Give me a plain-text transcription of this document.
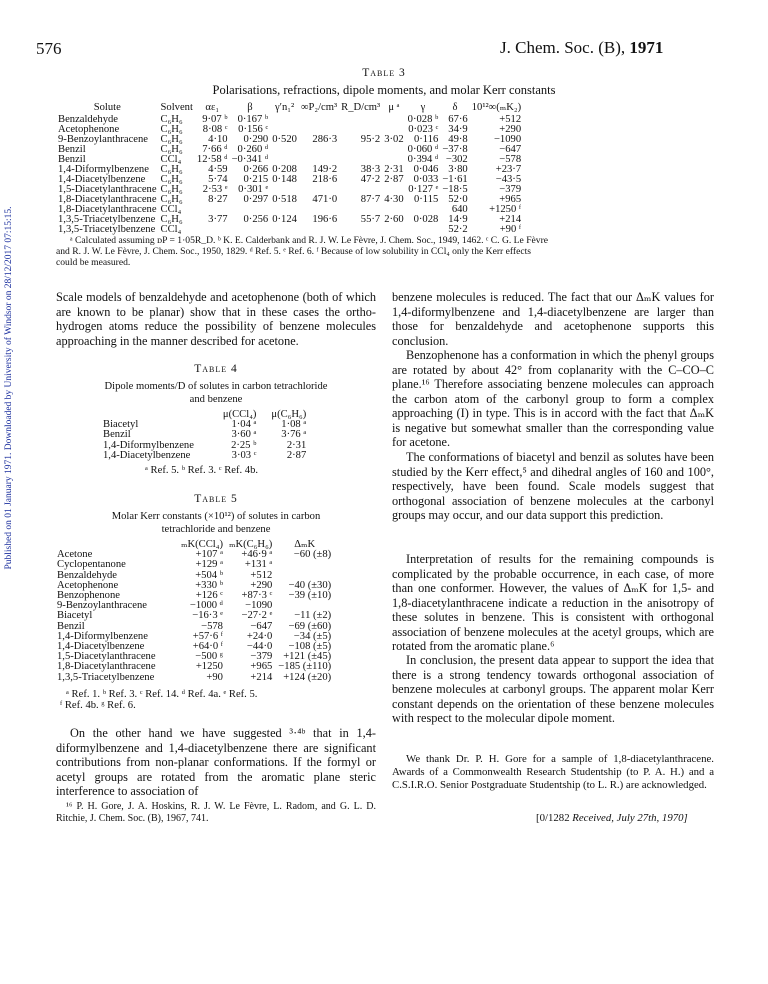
Published on 01 January 1971. Downloaded by University of Windsor on 28/12/2017 07:15:15.
576	J. Chem. Soc. (B), 1971
Table 3
Polarisations, refractions, dipole moments, and molar Kerr constants
Solute	Solvent	αε₁	β	γ′n₁²	∞P₂/cm³	R_D/cm³	μ ᵃ	γ	δ	10¹²∞(ₘK₂)
Benzaldehyde	C₆H₆	9·07 ᵇ	0·167 ᵇ					0·028 ᵇ	67·6	+512
Acetophenone	C₆H₆	8·08 ᶜ	0·156 ᶜ					0·023 ᶜ	34·9	+290
9-Benzoylanthracene	C₆H₆	4·10	0·290	0·520	286·3	95·2	3·02	0·116	49·8	−1090
Benzil	C₆H₆	7·66 ᵈ	0·260 ᵈ					0·060 ᵈ	−37·8	−647
Benzil	CCl₄	12·58 ᵈ	−0·341 ᵈ					0·394 ᵈ	−302	−578
1,4-Diformylbenzene	C₆H₆	4·59	0·266	0·208	149·2	38·3	2·31	0·046	3·80	+23·7
1,4-Diacetylbenzene	C₆H₆	5·74	0·215	0·148	218·6	47·2	2·87	0·033	−1·61	−43·5
1,5-Diacetylanthracene	C₆H₆	2·53 ᵉ	0·301 ᵉ					0·127 ᵉ	−18·5	−379
1,8-Diacetylanthracene	C₆H₆	8·27	0·297	0·518	471·0	87·7	4·30	0·115	52·0	+965
1,8-Diacetylanthracene	CCl₄								640	+1250 ᶠ
1,3,5-Triacetylbenzene	C₆H₆	3·77	0·256	0·124	196·6	55·7	2·60	0·028	14·9	+214
1,3,5-Triacetylbenzene	CCl₄								52·2	+90 ᶠ
ᵃ Calculated assuming ᴅP = 1·05R_D. ᵇ K. E. Calderbank and R. J. W. Le Fèvre, J. Chem. Soc., 1949, 1462. ᶜ C. G. Le Fèvre
and R. J. W. Le Fèvre, J. Chem. Soc., 1950, 1829. ᵈ Ref. 5. ᵉ Ref. 6. ᶠ Because of low solubility in CCl₄ only the Kerr effects
could be measured.
Scale models of benzaldehyde and acetophenone (both of which are known to be planar) show that in these cases the ortho-hydrogen atoms reduce the possibility of benzene molecules approaching in the manner described for acetone.
Table 4
Dipole moments/D of solutes in carbon tetrachloride
and benzene
	μ(CCl₄)	μ(C₆H₆)
Biacetyl	1·04 ᵃ	1·08 ᵃ
Benzil	3·60 ᵃ	3·76 ᵃ
1,4-Diformylbenzene	2·25 ᵇ	2·31
1,4-Diacetylbenzene	3·03 ᶜ	2·87
ᵃ Ref. 5. ᵇ Ref. 3. ᶜ Ref. 4b.
Table 5
Molar Kerr constants (×10¹²) of solutes in carbon
tetrachloride and benzene
	ₘK(CCl₄)	ₘK(C₆H₆)	ΔₘK
Acetone	+107 ᵃ	+46·9 ᵃ	−60 (±8)
Cyclopentanone	+129 ᵃ	+131 ᵃ	
Benzaldehyde	+504 ᵇ	+512	
Acetophenone	+330 ᵇ	+290	−40 (±30)
Benzophenone	+126 ᶜ	+87·3 ᶜ	−39 (±10)
9-Benzoylanthracene	−1000 ᵈ	−1090	
Biacetyl	−16·3 ᵉ	−27·2 ᵉ	−11 (±2)
Benzil	−578	−647	−69 (±60)
1,4-Diformylbenzene	+57·6 ᶠ	+24·0	−34 (±5)
1,4-Diacetylbenzene	+64·0 ᶠ	−44·0	−108 (±5)
1,5-Diacetylanthracene	−500 ᵍ	−379	+121 (±45)
1,8-Diacetylanthracene	+1250	+965	−185 (±110)
1,3,5-Triacetylbenzene	+90	+214	+124 (±20)
ᵃ Ref. 1. ᵇ Ref. 3. ᶜ Ref. 14. ᵈ Ref. 4a. ᵉ Ref. 5.
ᶠ Ref. 4b. ᵍ Ref. 6.
On the other hand we have suggested ³·⁴ᵇ that in 1,4-diformylbenzene and 1,4-diacetylbenzene there are significant contributions from non-planar conformations. If the formyl or acetyl groups are rotated from the aromatic plane steric interference to association of
¹⁶ P. H. Gore, J. A. Hoskins, R. J. W. Le Fèvre, L. Radom, and G. L. D. Ritchie, J. Chem. Soc. (B), 1967, 741.
benzene molecules is reduced. The fact that our ΔₘK values for 1,4-diformylbenzene and 1,4-diacetylbenzene are larger than those for benzaldehyde and acetophenone supports this conclusion.
Benzophenone has a conformation in which the phenyl groups are rotated by about 42° from coplanarity with the C–CO–C plane.¹⁶ Therefore associating benzene molecules can approach the carbon atom of the carbonyl group to form a complex approaching (I) in type. This is in accord with the fact that ΔₘK is negative but somewhat smaller than the corresponding value for acetone.
The conformations of biacetyl and benzil as solutes have been studied by the Kerr effect,⁵ and dihedral angles of 160 and 100°, respectively, have been found. Scale models suggest that orthogonal association of benzene molecules at the carbonyl groups may occur, and our data support this prediction.
Interpretation of results for the remaining compounds is complicated by the probable occurrence, in each case, of more than one conformer. However, the values of ΔₘK for 1,5- and 1,8-diacetylanthracene indicate a reduction in the anisotropy of these solutes in benzene. This is consistent with orthogonal association of benzene molecules at the acetyl groups, which are rotated from the aromatic plane.⁶
In conclusion, the present data appear to support the idea that there is a strong tendency towards orthogonal association of benzene molecules at carbonyl groups. The apparent molar Kerr constant depends on the orientation of these benzene molecules with respect to the molecular dipole moment.
We thank Dr. P. H. Gore for a sample of 1,8-diacetylanthracene. Awards of a Commonwealth Research Studentship (to P. A. H.) and a C.S.I.R.O. Senior Postgraduate Studentship (to L. R.) are acknowledged.
[0/1282 Received, July 27th, 1970]
